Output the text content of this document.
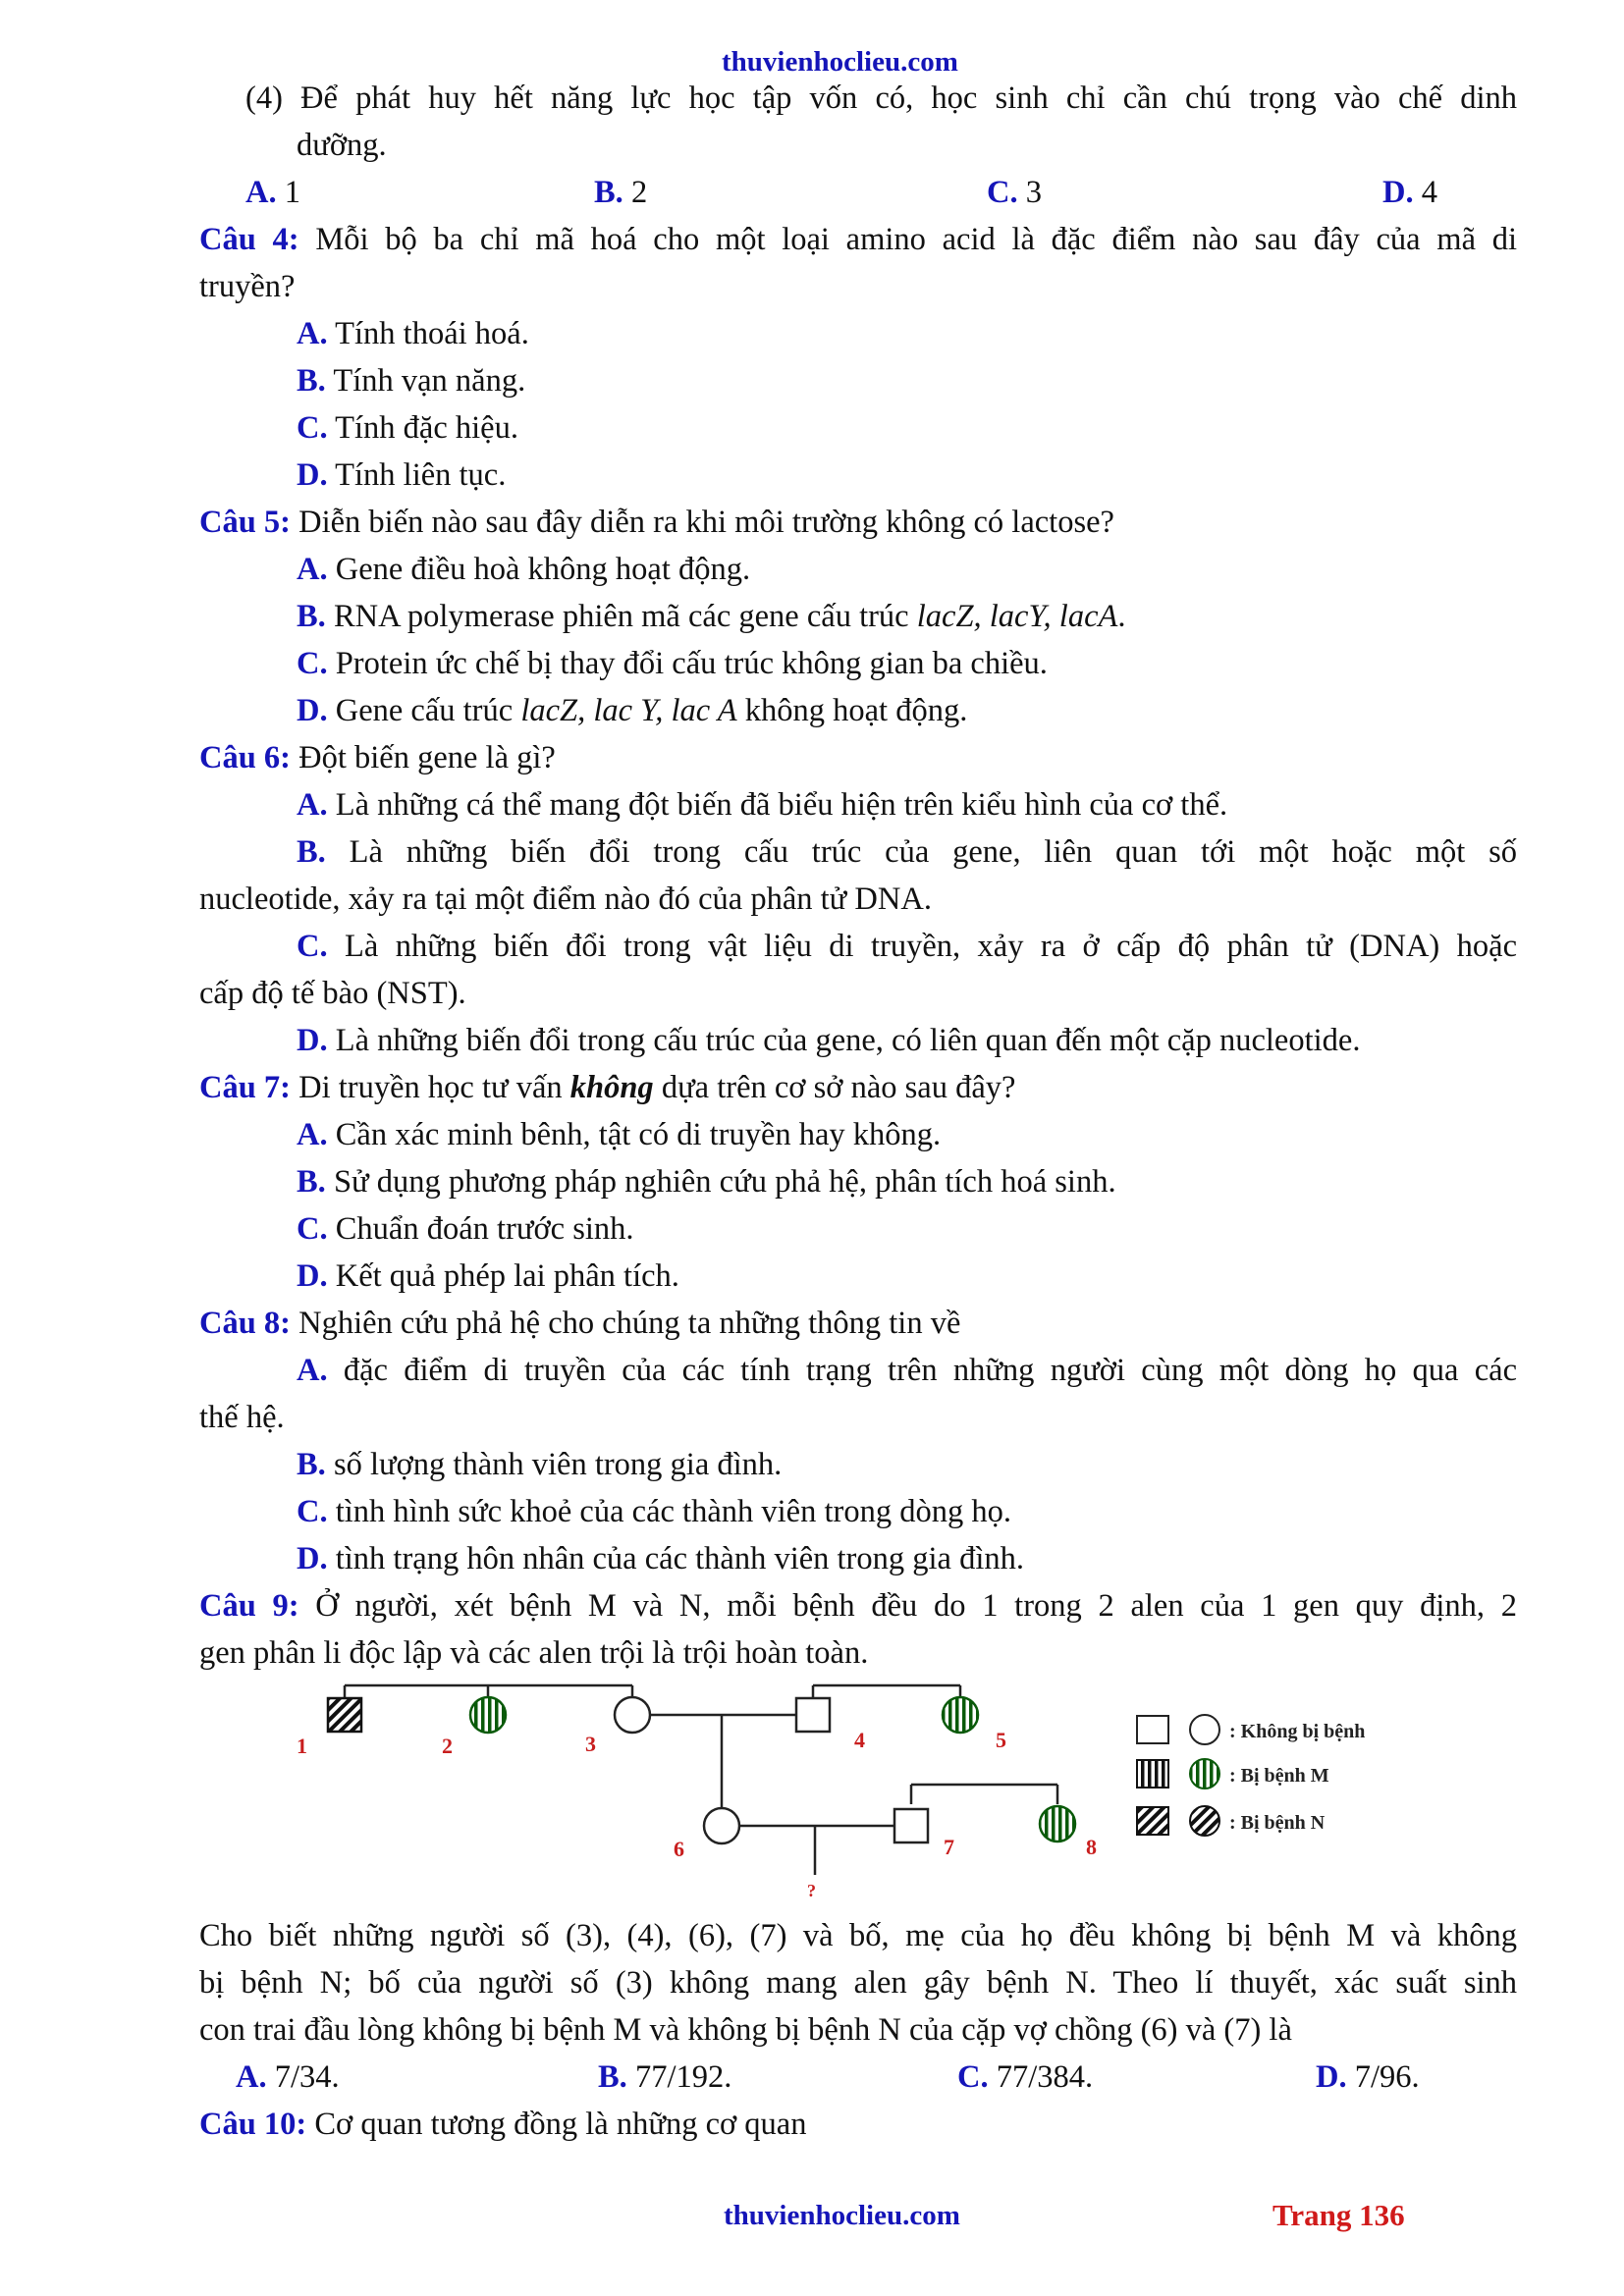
thuvienhoclieu.com
(4) Để phát huy hết năng lực học tập vốn có, học sinh chỉ cần chú trọng vào chế dinh
dưỡng.
A. 1	B. 2	C. 3	D. 4
Câu 4: Mỗi bộ ba chỉ mã hoá cho một loại amino acid là đặc điểm nào sau đây của mã di
truyền?
A. Tính thoái hoá.
B. Tính vạn năng.
C. Tính đặc hiệu.
D. Tính liên tục.
Câu 5: Diễn biến nào sau đây diễn ra khi môi trường không có lactose?
A. Gene điều hoà không hoạt động.
B. RNA polymerase phiên mã các gene cấu trúc lacZ, lacY, lacA.
C. Protein ức chế bị thay đổi cấu trúc không gian ba chiều.
D. Gene cấu trúc lacZ, lac Y, lac A không hoạt động.
Câu 6: Đột biến gene là gì?
A. Là những cá thể mang đột biến đã biểu hiện trên kiểu hình của cơ thể.
B. Là những biến đổi trong cấu trúc của gene, liên quan tới một hoặc một số
nucleotide, xảy ra tại một điểm nào đó của phân tử DNA.
C. Là những biến đổi trong vật liệu di truyền, xảy ra ở cấp độ phân tử (DNA) hoặc
cấp độ tế bào (NST).
D. Là những biến đổi trong cấu trúc của gene, có liên quan đến một cặp nucleotide.
Câu 7: Di truyền học tư vấn không dựa trên cơ sở nào sau đây?
A. Cần xác minh bênh, tật có di truyền hay không.
B. Sử dụng phương pháp nghiên cứu phả hệ, phân tích hoá sinh.
C. Chuẩn đoán trước sinh.
D. Kết quả phép lai phân tích.
Câu 8: Nghiên cứu phả hệ cho chúng ta những thông tin về
A. đặc điểm di truyền của các tính trạng trên những người cùng một dòng họ qua các
thế hệ.
B. số lượng thành viên trong gia đình.
C. tình hình sức khoẻ của các thành viên trong dòng họ.
D. tình trạng hôn nhân của các thành viên trong gia đình.
Câu 9: Ở người, xét bệnh M và N, mỗi bệnh đều do 1 trong 2 alen của 1 gen quy định, 2
gen phân li độc lập và các alen trội là trội hoàn toàn.
1	2	3	4	5
6	7	8
?
: Không bị bệnh
: Bị bệnh M
: Bị bệnh N
Cho biết những người số (3), (4), (6), (7) và bố, mẹ của họ đều không bị bệnh M và không
bị bệnh N; bố của người số (3) không mang alen gây bệnh N. Theo lí thuyết, xác suất sinh
con trai đầu lòng không bị bệnh M và không bị bệnh N của cặp vợ chồng (6) và (7) là
A. 7/34.	B. 77/192.	C. 77/384.	D. 7/96.
Câu 10: Cơ quan tương đồng là những cơ quan
thuvienhoclieu.com	Trang 136
